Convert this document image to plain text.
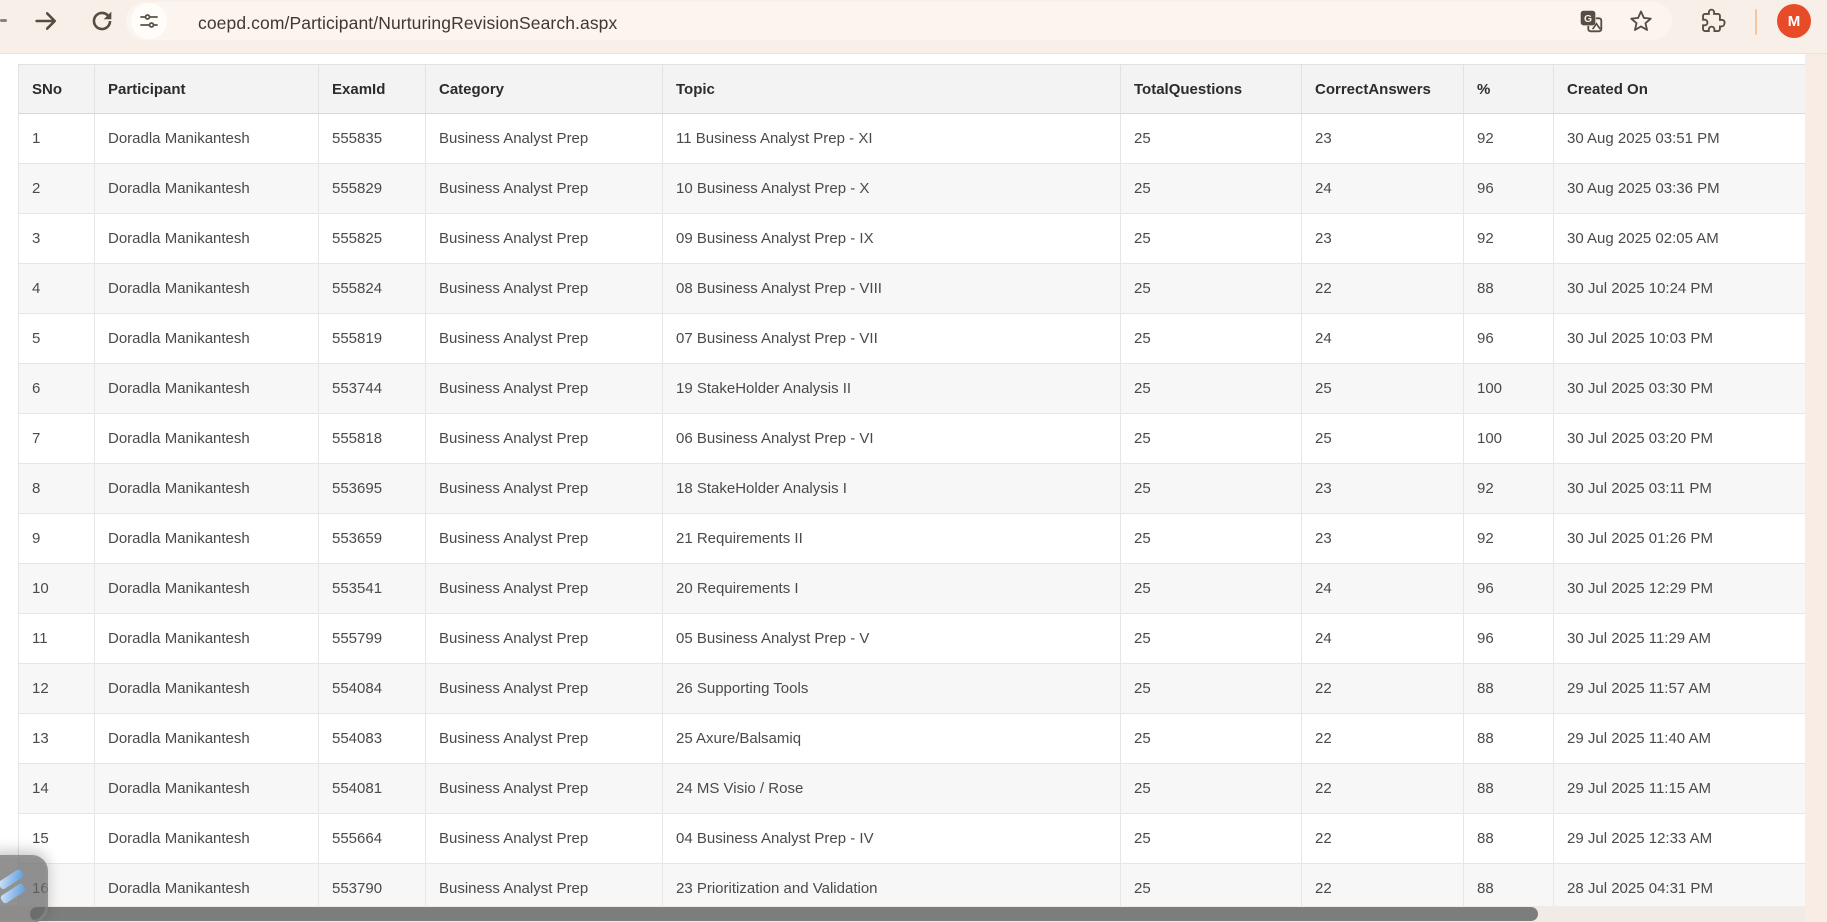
coepd.com/Participant/NurturingRevisionSearch.aspx	G	M
SNo	Participant	ExamId	Category	Topic	TotalQuestions	CorrectAnswers	%	Created On
1	Doradla Manikantesh	555835	Business Analyst Prep	11 Business Analyst Prep - XI	25	23	92	30 Aug 2025 03:51 PM
2	Doradla Manikantesh	555829	Business Analyst Prep	10 Business Analyst Prep - X	25	24	96	30 Aug 2025 03:36 PM
3	Doradla Manikantesh	555825	Business Analyst Prep	09 Business Analyst Prep - IX	25	23	92	30 Aug 2025 02:05 AM
4	Doradla Manikantesh	555824	Business Analyst Prep	08 Business Analyst Prep - VIII	25	22	88	30 Jul 2025 10:24 PM
5	Doradla Manikantesh	555819	Business Analyst Prep	07 Business Analyst Prep - VII	25	24	96	30 Jul 2025 10:03 PM
6	Doradla Manikantesh	553744	Business Analyst Prep	19 StakeHolder Analysis II	25	25	100	30 Jul 2025 03:30 PM
7	Doradla Manikantesh	555818	Business Analyst Prep	06 Business Analyst Prep - VI	25	25	100	30 Jul 2025 03:20 PM
8	Doradla Manikantesh	553695	Business Analyst Prep	18 StakeHolder Analysis I	25	23	92	30 Jul 2025 03:11 PM
9	Doradla Manikantesh	553659	Business Analyst Prep	21 Requirements II	25	23	92	30 Jul 2025 01:26 PM
10	Doradla Manikantesh	553541	Business Analyst Prep	20 Requirements I	25	24	96	30 Jul 2025 12:29 PM
11	Doradla Manikantesh	555799	Business Analyst Prep	05 Business Analyst Prep - V	25	24	96	30 Jul 2025 11:29 AM
12	Doradla Manikantesh	554084	Business Analyst Prep	26 Supporting Tools	25	22	88	29 Jul 2025 11:57 AM
13	Doradla Manikantesh	554083	Business Analyst Prep	25 Axure/Balsamiq	25	22	88	29 Jul 2025 11:40 AM
14	Doradla Manikantesh	554081	Business Analyst Prep	24 MS Visio / Rose	25	22	88	29 Jul 2025 11:15 AM
15	Doradla Manikantesh	555664	Business Analyst Prep	04 Business Analyst Prep - IV	25	22	88	29 Jul 2025 12:33 AM
	Doradla Manikantesh	553790	Business Analyst Prep	23 Prioritization and Validation	25	22	88	28 Jul 2025 04:31 PM
